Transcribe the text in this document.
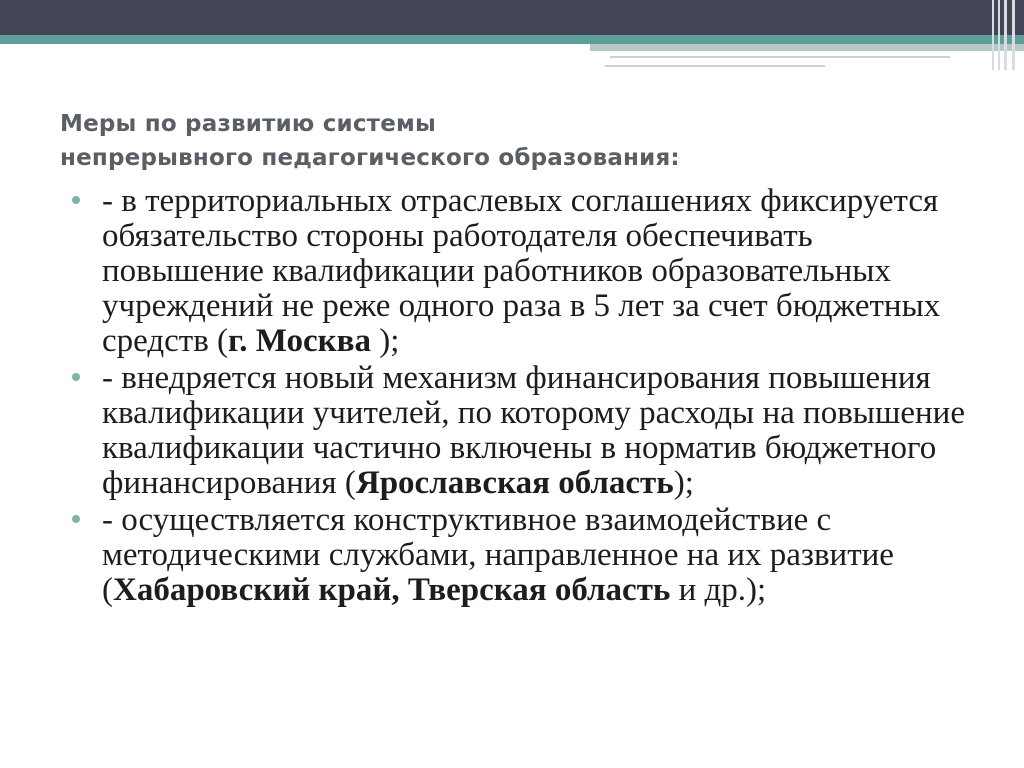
Меры по развитию системы
непрерывного педагогического образования:
- в территориальных отраслевых соглашениях фиксируется обязательство стороны работодателя обеспечивать повышение квалификации работников образовательных учреждений не реже одного раза в 5 лет за счет бюджетных средств (г. Москва );
- внедряется новый механизм финансирования повышения квалификации учителей, по которому расходы на повышение квалификации частично включены в норматив бюджетного финансирования (Ярославская область);
- осуществляется конструктивное взаимодействие с методическими службами, направленное на их развитие (Хабаровский край, Тверская область и др.);
